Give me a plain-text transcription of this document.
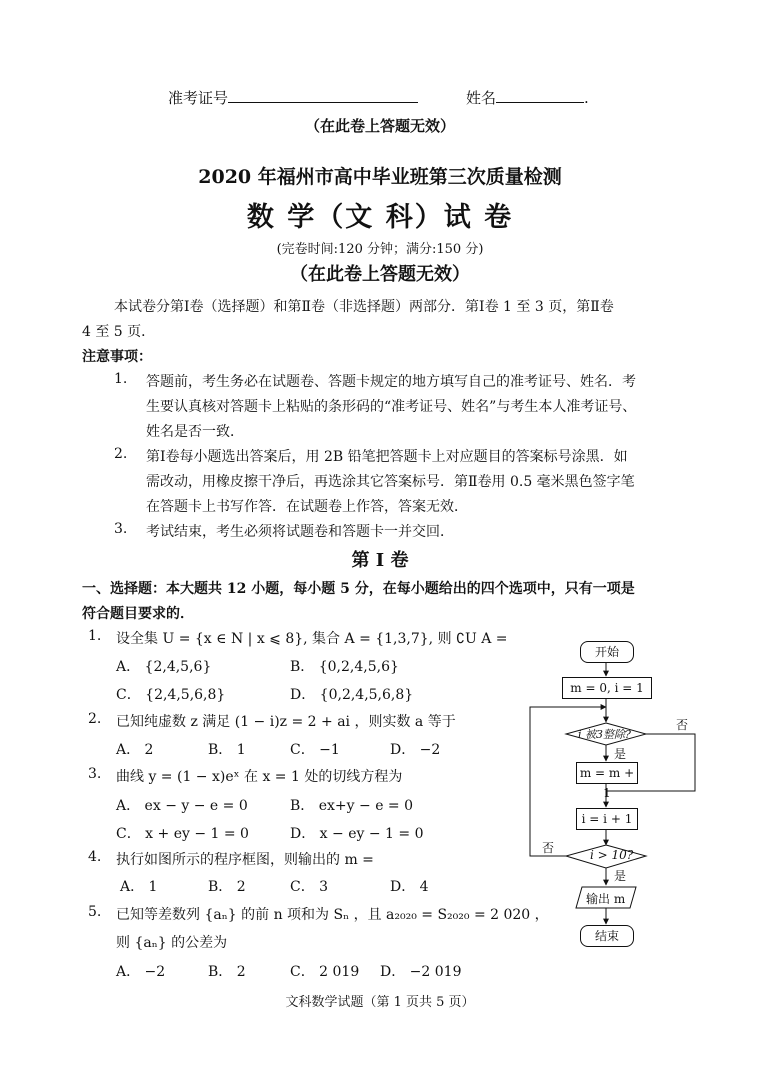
准考证号	姓名	.
（在此卷上答题无效）
2020 年福州市高中毕业班第三次质量检测
数 学（文 科）试 卷
(完卷时间:120 分钟；满分:150 分)
（在此卷上答题无效）
本试卷分第Ⅰ卷（选择题）和第Ⅱ卷（非选择题）两部分．第Ⅰ卷 1 至 3 页，第Ⅱ卷
4 至 5 页．
注意事项：
1. 答题前，考生务必在试题卷、答题卡规定的地方填写自己的准考证号、姓名．考
生要认真核对答题卡上粘贴的条形码的“准考证号、姓名”与考生本人准考证号、
姓名是否一致．
2. 第Ⅰ卷每小题选出答案后，用 2B 铅笔把答题卡上对应题目的答案标号涂黑．如
需改动，用橡皮擦干净后，再选涂其它答案标号．第Ⅱ卷用 0.5 毫米黑色签字笔
在答题卡上书写作答．在试题卷上作答，答案无效．
3. 考试结束，考生必须将试题卷和答题卡一并交回．
第 Ⅰ 卷
一、选择题：本大题共 12 小题，每小题 5 分，在每小题给出的四个选项中，只有一项是
符合题目要求的．
1. 设全集 U = {x ∈ N | x ⩽ 8}, 集合 A = {1,3,7}, 则 ∁U A =
A． {2,4,5,6}	B． {0,2,4,5,6}
C． {2,4,5,6,8}	D． {0,2,4,5,6,8}
2. 已知纯虚数 z 满足 (1 − i)z = 2 + ai ，则实数 a 等于
A． 2	B． 1	C． −1	D． −2
3. 曲线 y = (1 − x)eˣ 在 x = 1 处的切线方程为
A． ex − y − e = 0	B． ex+y − e = 0
C． x + ey − 1 = 0	D． x − ey − 1 = 0
4. 执行如图所示的程序框图，则输出的 m =
A． 1	B． 2	C． 3	D． 4
5. 已知等差数列 {aₙ} 的前 n 项和为 Sₙ ，且 a₂₀₂₀ = S₂₀₂₀ = 2 020 ，
则 {aₙ} 的公差为
A． −2	B． 2	C． 2 019 D． −2 019
开始
m = 0, i = 1
i 被3整除?
否
是
m = m + 1
i = i + 1
否	i > 10?
是
输出 m
结束
文科数学试题（第 1 页共 5 页）
